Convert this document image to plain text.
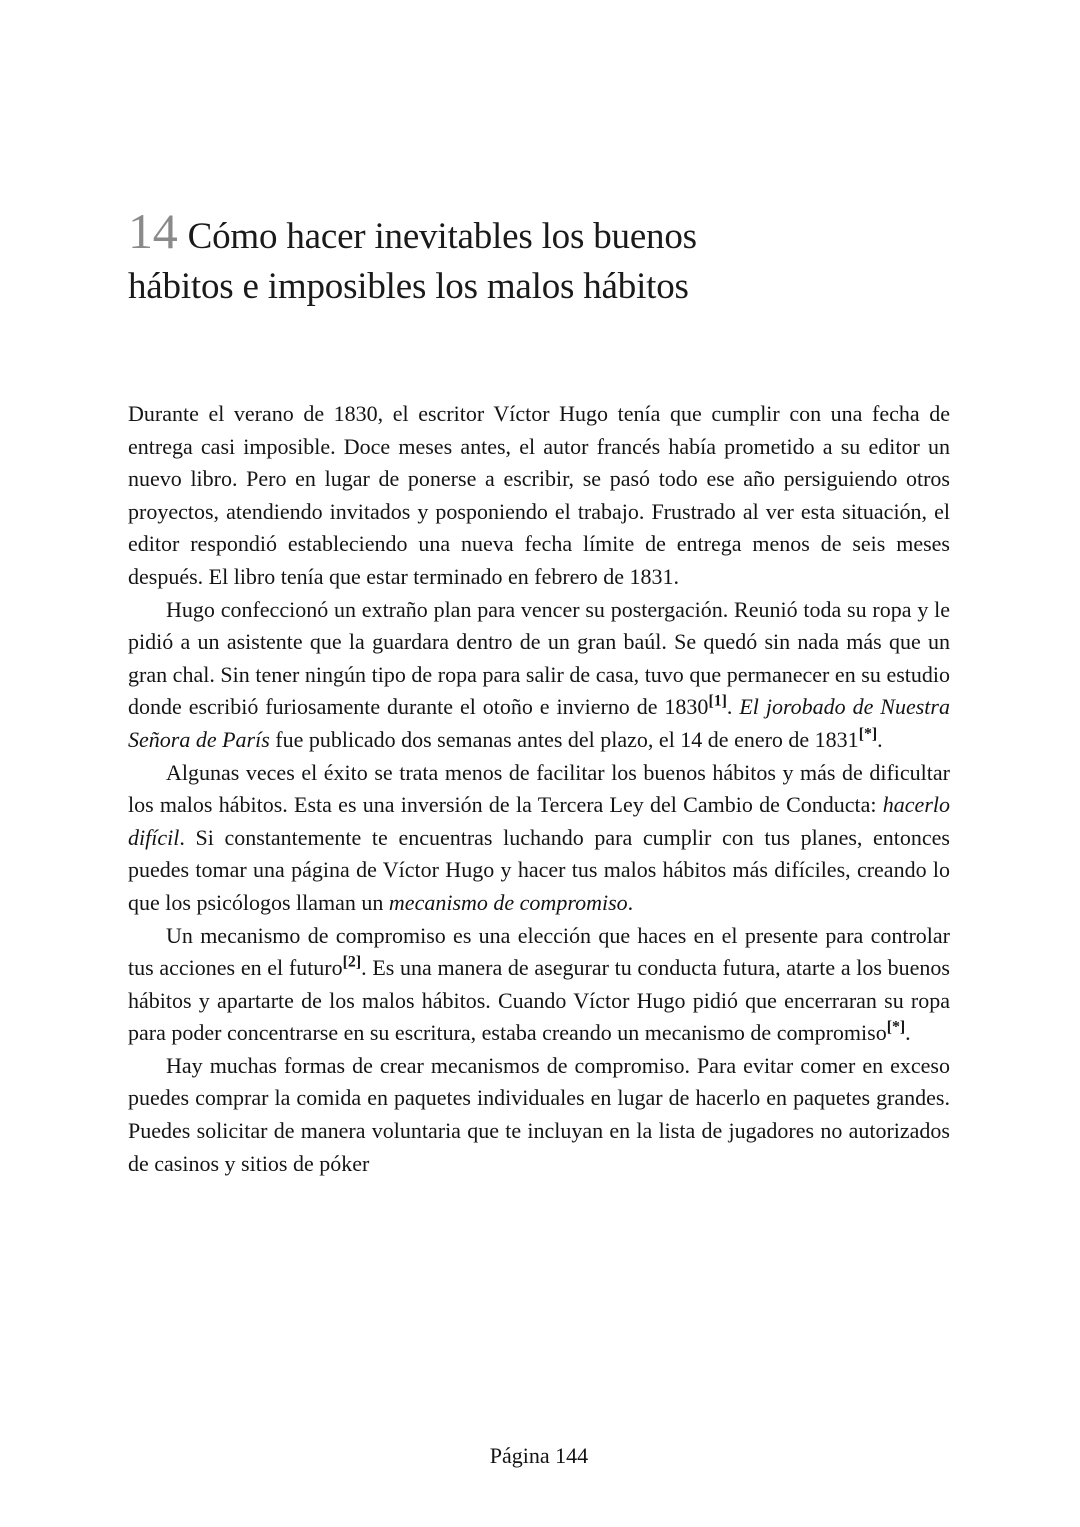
14 Cómo hacer inevitables los buenos hábitos e imposibles los malos hábitos

Durante el verano de 1830, el escritor Víctor Hugo tenía que cumplir con una fecha de entrega casi imposible. Doce meses antes, el autor francés había prometido a su editor un nuevo libro. Pero en lugar de ponerse a escribir, se pasó todo ese año persiguiendo otros proyectos, atendiendo invitados y posponiendo el trabajo. Frustrado al ver esta situación, el editor respondió estableciendo una nueva fecha límite de entrega menos de seis meses después. El libro tenía que estar terminado en febrero de 1831.

Hugo confeccionó un extraño plan para vencer su postergación. Reunió toda su ropa y le pidió a un asistente que la guardara dentro de un gran baúl. Se quedó sin nada más que un gran chal. Sin tener ningún tipo de ropa para salir de casa, tuvo que permanecer en su estudio donde escribió furiosamente durante el otoño e invierno de 1830[1]. El jorobado de Nuestra Señora de París fue publicado dos semanas antes del plazo, el 14 de enero de 1831[*].

Algunas veces el éxito se trata menos de facilitar los buenos hábitos y más de dificultar los malos hábitos. Esta es una inversión de la Tercera Ley del Cambio de Conducta: hacerlo difícil. Si constantemente te encuentras luchando para cumplir con tus planes, entonces puedes tomar una página de Víctor Hugo y hacer tus malos hábitos más difíciles, creando lo que los psicólogos llaman un mecanismo de compromiso.

Un mecanismo de compromiso es una elección que haces en el presente para controlar tus acciones en el futuro[2]. Es una manera de asegurar tu conducta futura, atarte a los buenos hábitos y apartarte de los malos hábitos. Cuando Víctor Hugo pidió que encerraran su ropa para poder concentrarse en su escritura, estaba creando un mecanismo de compromiso[*].

Hay muchas formas de crear mecanismos de compromiso. Para evitar comer en exceso puedes comprar la comida en paquetes individuales en lugar de hacerlo en paquetes grandes. Puedes solicitar de manera voluntaria que te incluyan en la lista de jugadores no autorizados de casinos y sitios de póker

Página 144
